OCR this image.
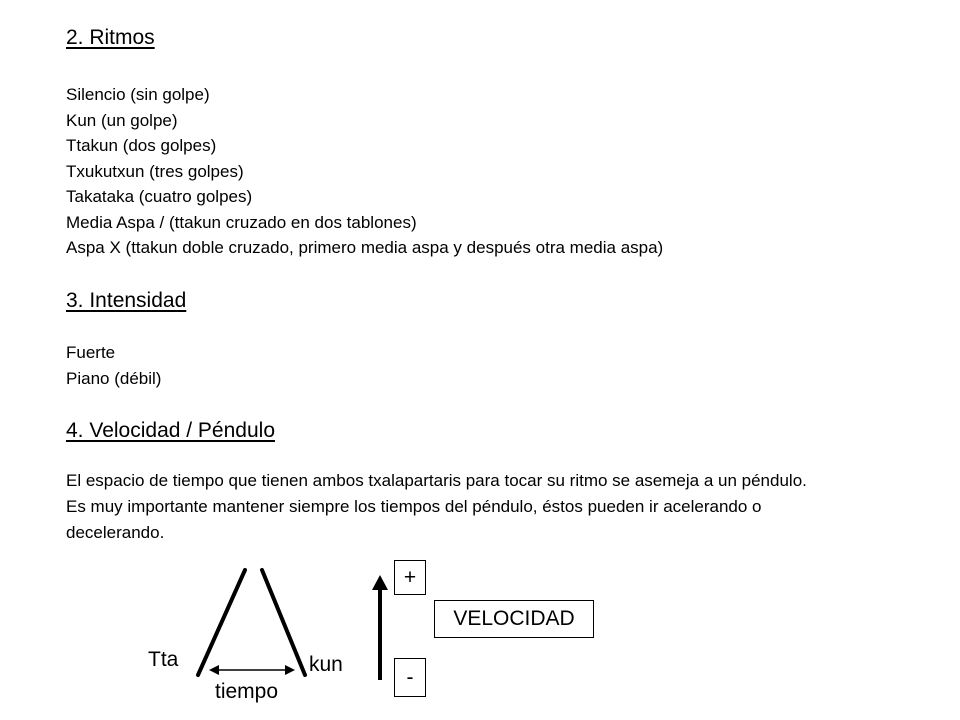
2. Ritmos
Silencio (sin golpe)
Kun (un golpe)
Ttakun (dos golpes)
Txukutxun (tres golpes)
Takataka (cuatro golpes)
Media Aspa / (ttakun cruzado en dos tablones)
Aspa X (ttakun doble cruzado, primero media aspa y después otra media aspa)
3. Intensidad
Fuerte
Piano (débil)
4. Velocidad / Péndulo

El espacio de tiempo que tienen ambos txalapartaris para tocar su ritmo se asemeja a un péndulo. Es muy importante mantener siempre los tiempos del péndulo, éstos pueden ir acelerando o decelerando.

Tta	kun
tiempo
+
VELOCIDAD
-
